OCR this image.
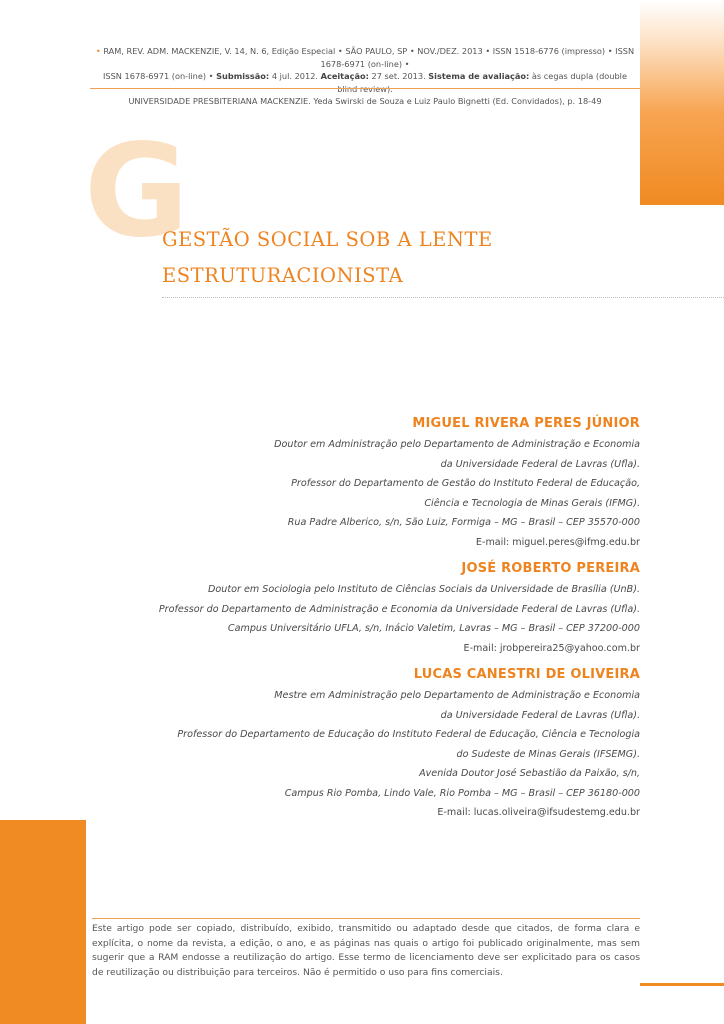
• RAM, REV. ADM. MACKENZIE, V. 14, N. 6, Edição Especial • SÃO PAULO, SP • NOV./DEZ. 2013 • ISSN 1518-6776 (impresso) • ISSN 1678-6971 (on-line) •
ISSN 1678-6971 (on-line) • Submissão: 4 jul. 2012. Aceitação: 27 set. 2013. Sistema de avaliação: às cegas dupla (double
UNIVERSIDADE PRESBITERIANA MACKENZIE. Yeda Swirski de Souza e Luiz Paulo Bignetti (Ed. Convidados), p. 18-49
G
GESTÃO SOCIAL SOB A LENTE
ESTRUTURACIONISTA
MIGUEL RIVERA PERES JÚNIOR
Doutor em Administração pelo Departamento de Administração e Economia
da Universidade Federal de Lavras (Ufla).
Professor do Departamento de Gestão do Instituto Federal de Educação,
Ciência e Tecnologia de Minas Gerais (IFMG).
Rua Padre Alberico, s/n, São Luiz, Formiga – MG – Brasil – CEP 35570-000
E-mail: miguel.peres@ifmg.edu.br
JOSÉ ROBERTO PEREIRA
Doutor em Sociologia pelo Instituto de Ciências Sociais da Universidade de Brasília (UnB).
Professor do Departamento de Administração e Economia da Universidade Federal de Lavras (Ufla).
Campus Universitário UFLA, s/n, Inácio Valetim, Lavras – MG – Brasil – CEP 37200-000
E-mail: jrobpereira25@yahoo.com.br
LUCAS CANESTRI DE OLIVEIRA
Mestre em Administração pelo Departamento de Administração e Economia
da Universidade Federal de Lavras (Ufla).
Professor do Departamento de Educação do Instituto Federal de Educação, Ciência e Tecnologia
do Sudeste de Minas Gerais (IFSEMG).
Avenida Doutor José Sebastião da Paixão, s/n,
Campus Rio Pomba, Lindo Vale, Rio Pomba – MG – Brasil – CEP 36180-000
E-mail: lucas.oliveira@ifsudestemg.edu.br
Este artigo pode ser copiado, distribuído, exibido, transmitido ou adaptado desde que citados, de forma clara e explícita, o nome da revista, a edição, o ano, e as páginas nas quais o artigo foi publicado originalmente, mas sem sugerir que a RAM endosse a reutilização do artigo. Esse termo de licenciamento deve ser explicitado para os casos de reutilização ou distribuição para terceiros. Não é permitido o uso para fins comerciais.
